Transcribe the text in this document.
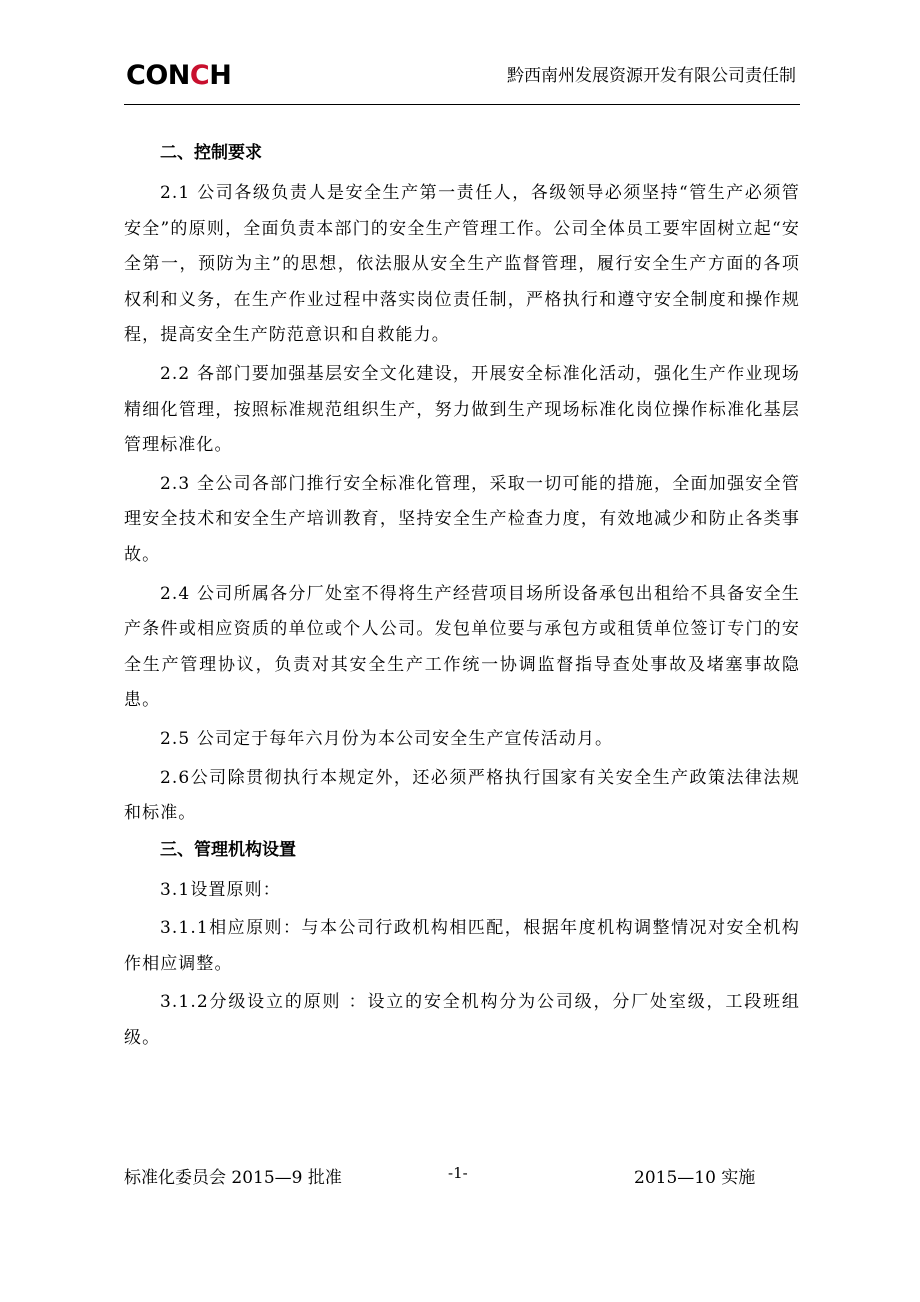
CONCH	黔西南州发展资源开发有限公司责任制
二、控制要求

2.1 公司各级负责人是安全生产第一责任人，各级领导必须坚持“管生产必须管安全”的原则，全面负责本部门的安全生产管理工作。公司全体员工要牢固树立起“安全第一，预防为主”的思想，依法服从安全生产监督管理，履行安全生产方面的各项权利和义务，在生产作业过程中落实岗位责任制，严格执行和遵守安全制度和操作规程，提高安全生产防范意识和自救能力。

2.2 各部门要加强基层安全文化建设，开展安全标准化活动，强化生产作业现场精细化管理，按照标准规范组织生产，努力做到生产现场标准化岗位操作标准化基层管理标准化。

2.3 全公司各部门推行安全标准化管理，采取一切可能的措施，全面加强安全管理安全技术和安全生产培训教育，坚持安全生产检查力度，有效地减少和防止各类事故。

2.4 公司所属各分厂处室不得将生产经营项目场所设备承包出租给不具备安全生产条件或相应资质的单位或个人公司。发包单位要与承包方或租赁单位签订专门的安全生产管理协议，负责对其安全生产工作统一协调监督指导查处事故及堵塞事故隐患。

2.5 公司定于每年六月份为本公司安全生产宣传活动月。

2.6公司除贯彻执行本规定外，还必须严格执行国家有关安全生产政策法律法规和标准。

三、管理机构设置

3.1设置原则：

3.1.1相应原则：与本公司行政机构相匹配，根据年度机构调整情况对安全机构作相应调整。

3.1.2分级设立的原则 ：设立的安全机构分为公司级，分厂处室级，工段班组级。

标准化委员会 2015—9 批准	-1-	2015—10 实施
